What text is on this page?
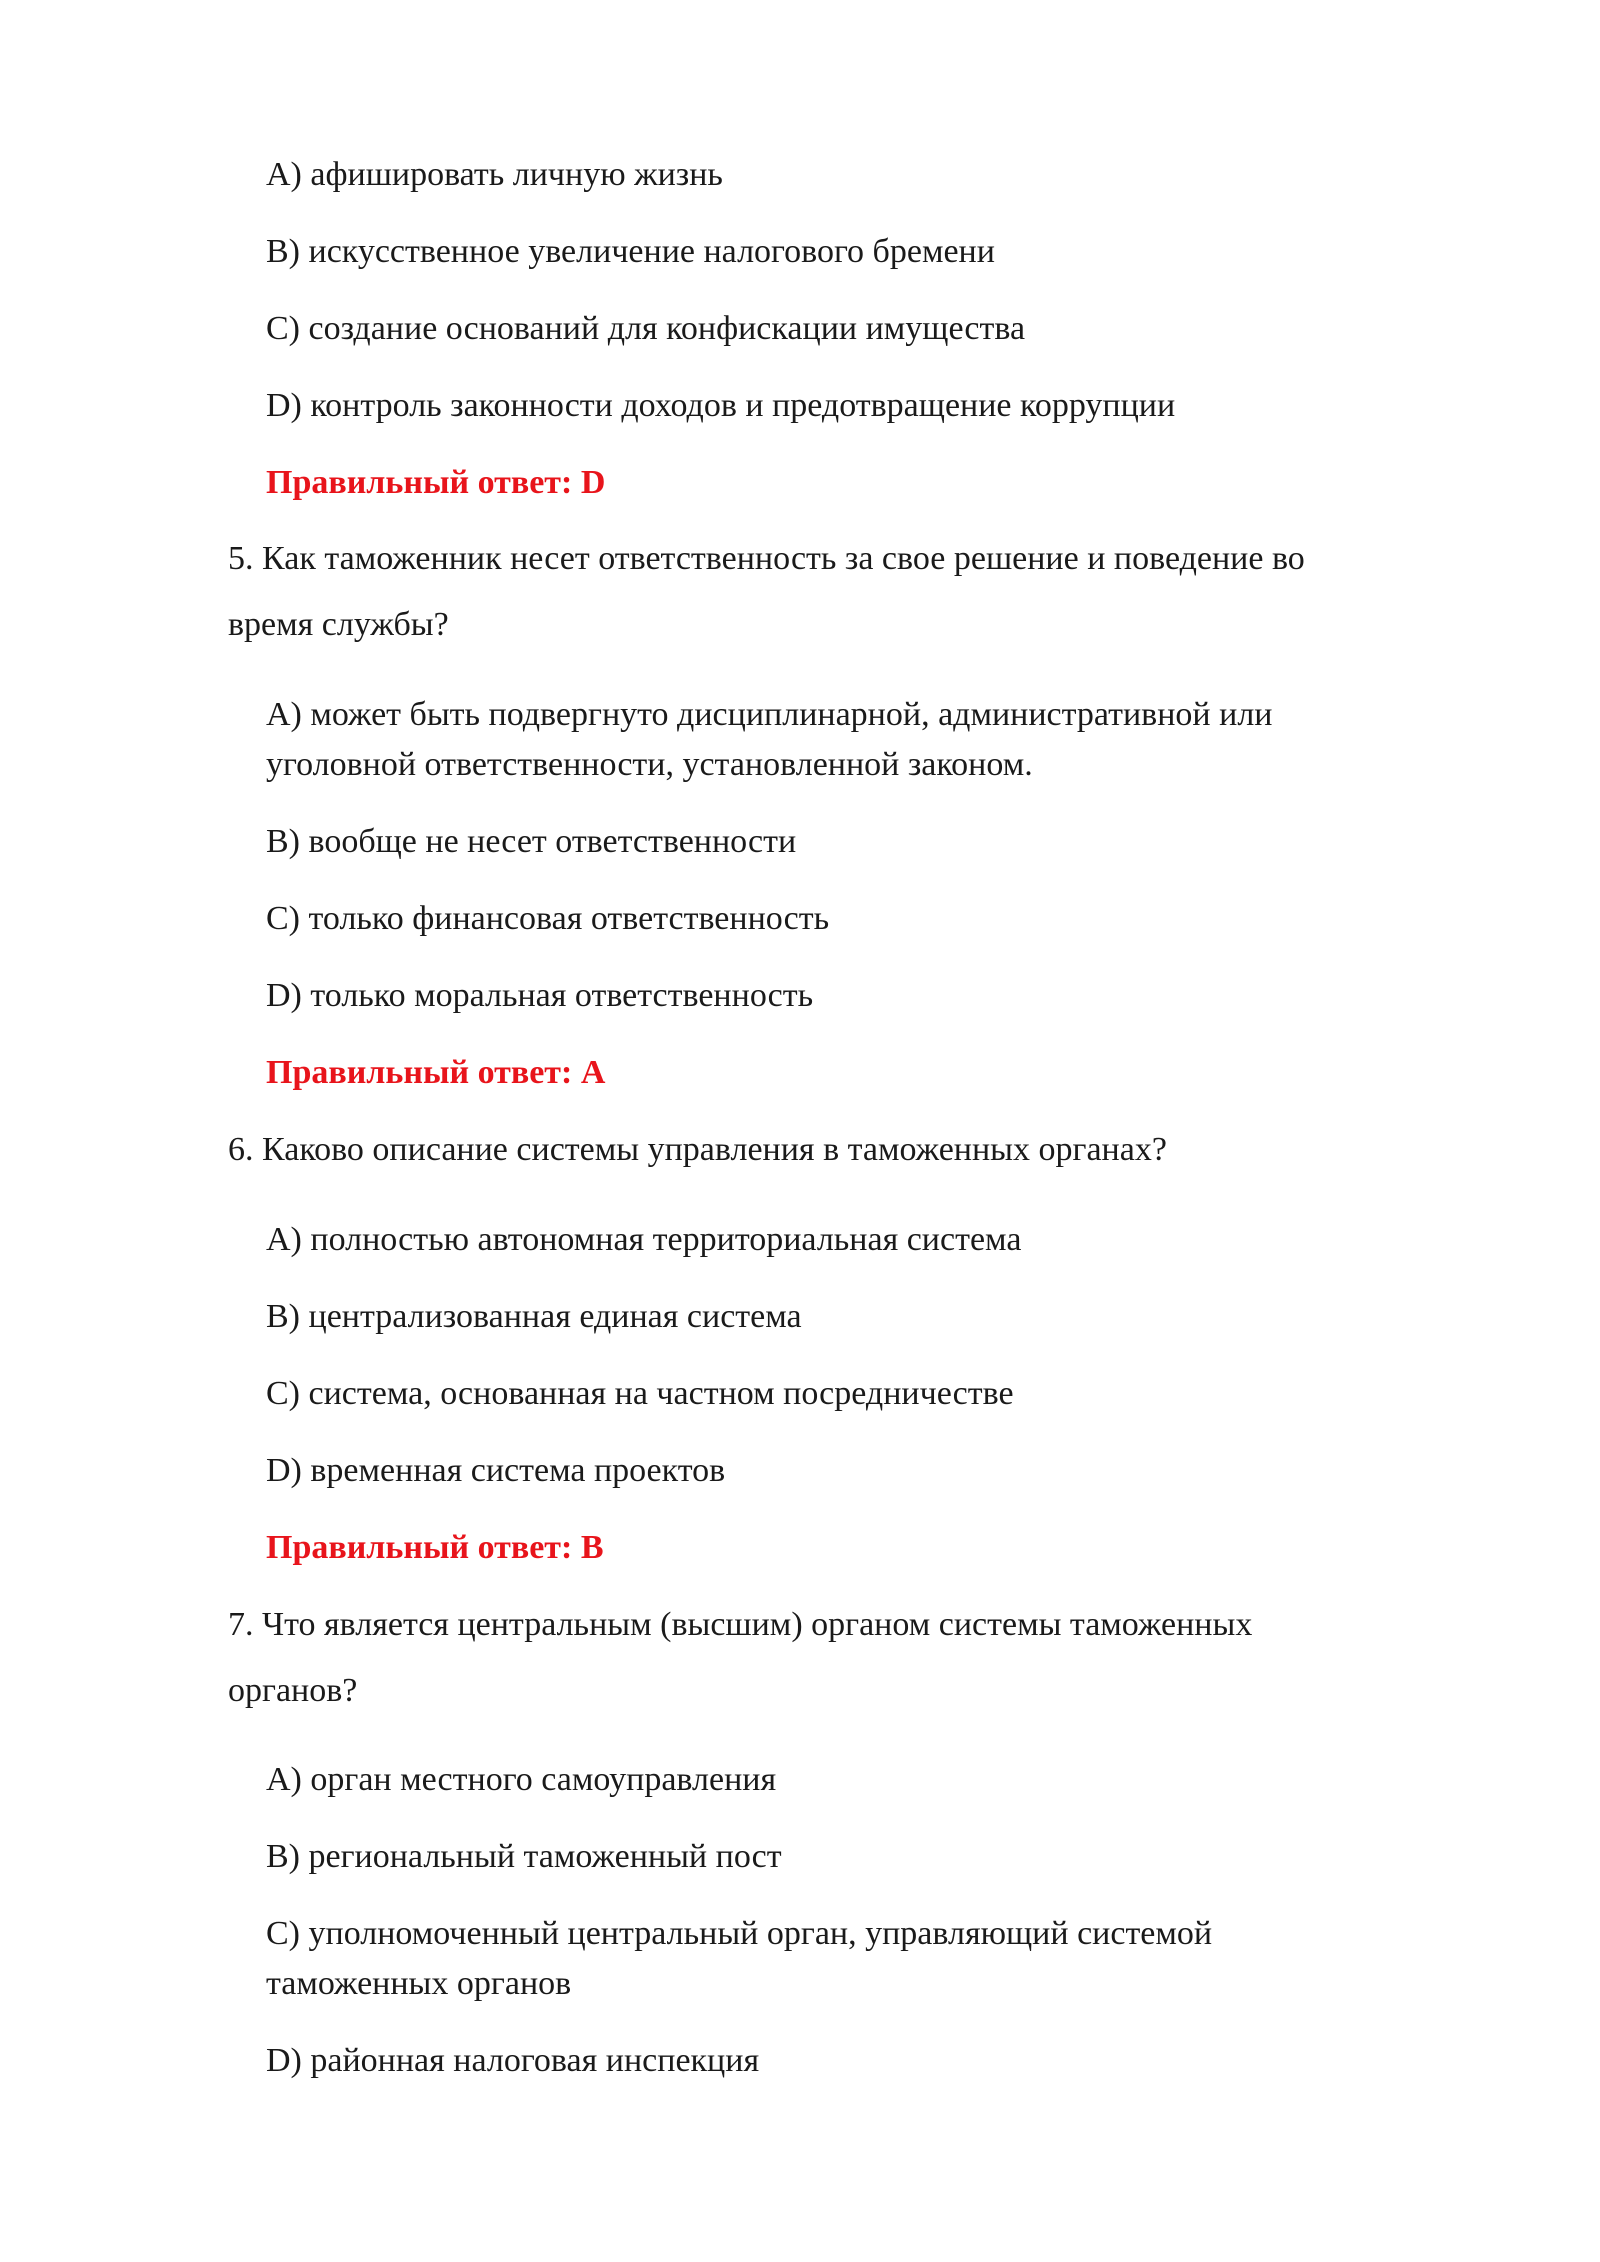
A) афишировать личную жизнь
B) искусственное увеличение налогового бремени
C) создание оснований для конфискации имущества
D) контроль законности доходов и предотвращение коррупции
Правильный ответ: D
5. Как таможенник несет ответственность за свое решение и поведение во
время службы?
A) может быть подвергнуто дисциплинарной, административной или
уголовной ответственности, установленной законом.
B) вообще не несет ответственности
C) только финансовая ответственность
D) только моральная ответственность
Правильный ответ: A
6. Каково описание системы управления в таможенных органах?
A) полностью автономная территориальная система
B) централизованная единая система
C) система, основанная на частном посредничестве
D) временная система проектов
Правильный ответ: B
7. Что является центральным (высшим) органом системы таможенных
органов?
A) орган местного самоуправления
B) региональный таможенный пост
C) уполномоченный центральный орган, управляющий системой
таможенных органов
D) районная налоговая инспекция
